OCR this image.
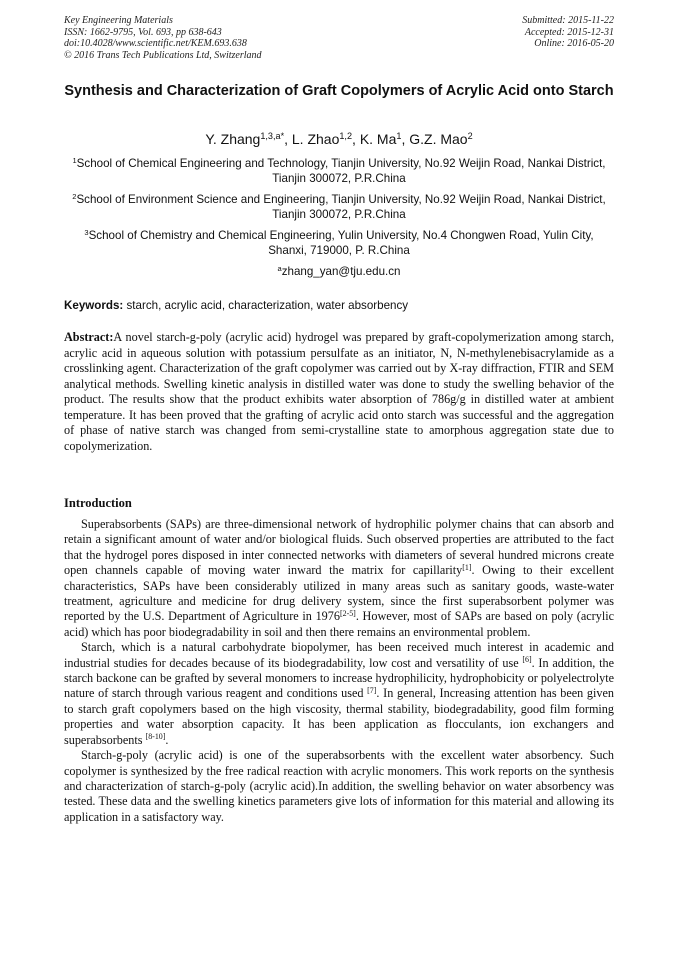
Key Engineering Materials
ISSN: 1662-9795, Vol. 693, pp 638-643
doi:10.4028/www.scientific.net/KEM.693.638
© 2016 Trans Tech Publications Ltd, Switzerland
Submitted: 2015-11-22
Accepted: 2015-12-31
Online: 2016-05-20
Synthesis and Characterization of Graft Copolymers of Acrylic Acid onto Starch
Y. Zhang$^{1,3,a*}$, L. Zhao$^{1,2}$, K. Ma$^1$, G.Z. Mao$^2$
$^1$School of Chemical Engineering and Technology, Tianjin University, No.92 Weijin Road, Nankai District, Tianjin 300072, P.R.China
$^2$School of Environment Science and Engineering, Tianjin University, No.92 Weijin Road, Nankai District, Tianjin 300072, P.R.China
$^3$School of Chemistry and Chemical Engineering, Yulin University, No.4 Chongwen Road, Yulin City, Shanxi, 719000, P. R.China
$^a$zhang_yan@tju.edu.cn
Keywords: starch, acrylic acid, characterization, water absorbency
Abstract:A novel starch-g-poly (acrylic acid) hydrogel was prepared by graft-copolymerization among starch, acrylic acid in aqueous solution with potassium persulfate as an initiator, N, N-methylenebisacrylamide as a crosslinking agent. Characterization of the graft copolymer was carried out by X-ray diffraction, FTIR and SEM analytical methods. Swelling kinetic analysis in distilled water was done to study the swelling behavior of the product. The results show that the product exhibits water absorption of 786g/g in distilled water at ambient temperature. It has been proved that the grafting of acrylic acid onto starch was successful and the aggregation of phase of native starch was changed from semi-crystalline state to amorphous aggregation state due to copolymerization.
Introduction

Superabsorbents (SAPs) are three-dimensional network of hydrophilic polymer chains that can absorb and retain a significant amount of water and/or biological fluids. Such observed properties are attributed to the fact that the hydrogel pores disposed in inter connected networks with diameters of several hundred microns create open channels capable of moving water inward the matrix for capillarity[1]. Owing to their excellent characteristics, SAPs have been considerably utilized in many areas such as sanitary goods, waste-water treatment, agriculture and medicine for drug delivery system, since the first superabsorbent polymer was reported by the U.S. Department of Agriculture in 1976[2-5]. However, most of SAPs are based on poly (acrylic acid) which has poor biodegradability in soil and then there remains an environmental problem.

Starch, which is a natural carbohydrate biopolymer, has been received much interest in academic and industrial studies for decades because of its biodegradability, low cost and versatility of use [6]. In addition, the starch backone can be grafted by several monomers to increase hydrophilicity, hydrophobicity or polyelectrolyte nature of starch through various reagent and conditions used [7]. In general, Increasing attention has been given to starch graft copolymers based on the high viscosity, thermal stability, biodegradability, good film forming properties and water absorption capacity. It has been application as flocculants, ion exchangers and superabsorbents [8-10].

Starch-g-poly (acrylic acid) is one of the superabsorbents with the excellent water absorbency. Such copolymer is synthesized by the free radical reaction with acrylic monomers. This work reports on the synthesis and characterization of starch-g-poly (acrylic acid).In addition, the swelling behavior on water absorbency was tested. These data and the swelling kinetics parameters give lots of information for this material and allowing its application in a satisfactory way.
